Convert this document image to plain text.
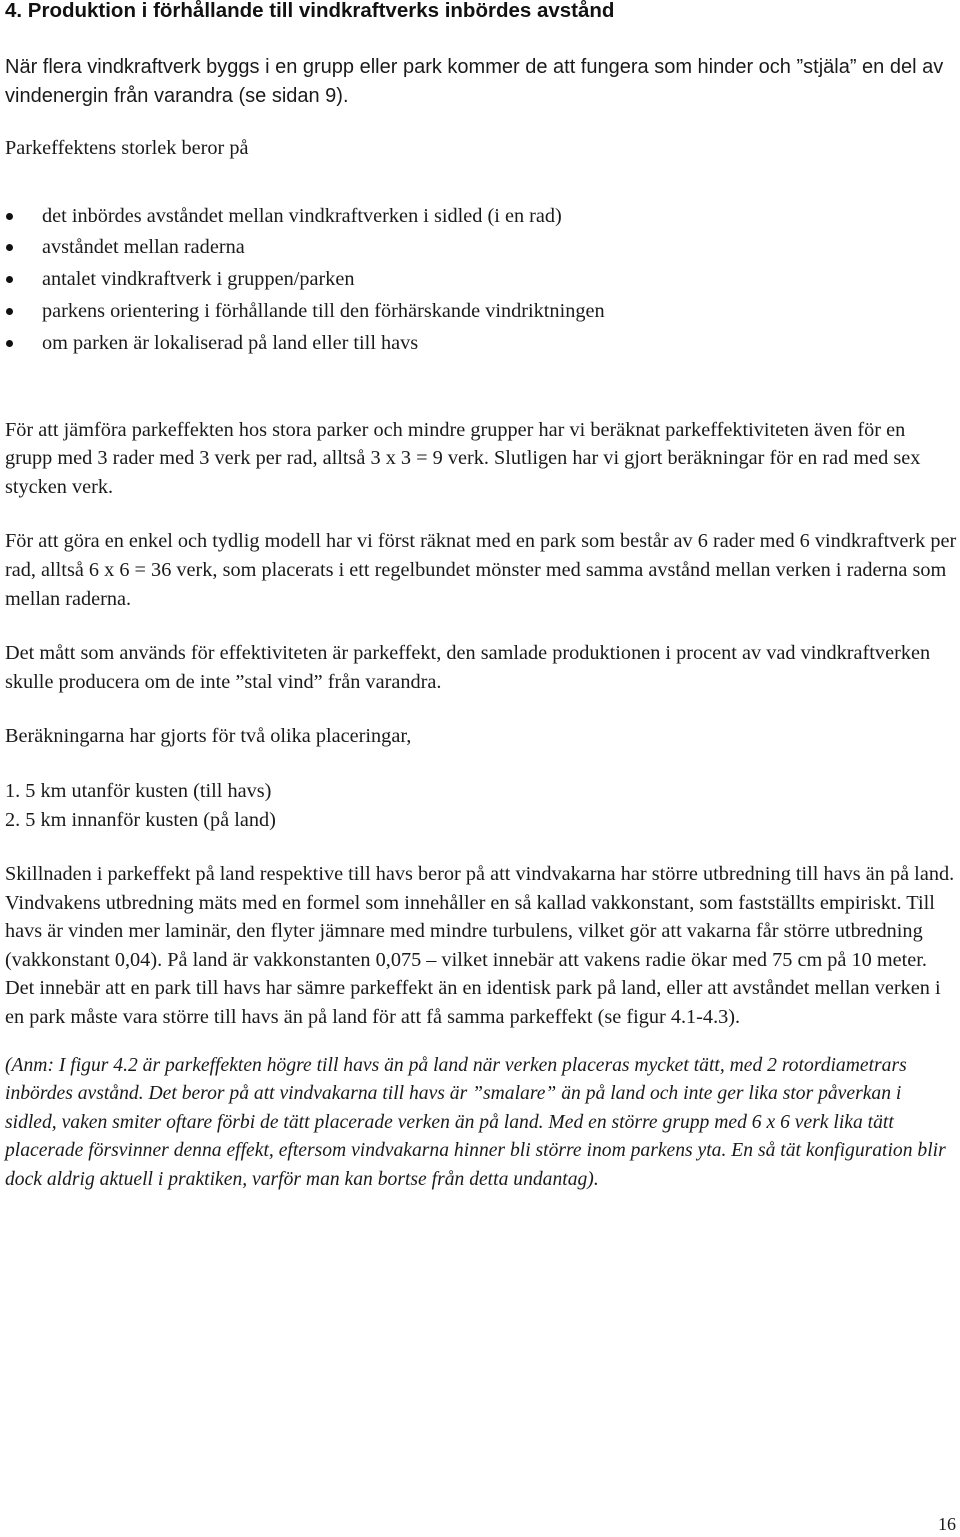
4. Produktion i förhållande till vindkraftverks inbördes avstånd

När flera vindkraftverk byggs i en grupp eller park kommer de att fungera som hinder och ”stjäla” en del av vindenergin från varandra (se sidan 9).

Parkeffektens storlek beror på

det inbördes avståndet mellan vindkraftverken i sidled (i en rad)
avståndet mellan raderna
antalet vindkraftverk i gruppen/parken
parkens orientering i förhållande till den förhärskande vindriktningen
om parken är lokaliserad på land eller till havs

För att jämföra parkeffekten hos stora parker och mindre grupper har vi beräknat parkeffektiviteten även för en grupp med 3 rader med 3 verk per rad, alltså 3 x 3 = 9 verk. Slutligen har vi gjort beräkningar för en rad med sex stycken verk.

För att göra en enkel och tydlig modell har vi först räknat med en park som består av 6 rader med 6 vindkraftverk per rad, alltså 6 x 6 = 36 verk, som placerats i ett regelbundet mönster med samma avstånd mellan verken i raderna som mellan raderna.

Det mått som används för effektiviteten är parkeffekt, den samlade produktionen i procent av vad vindkraftverken skulle producera om de inte ”stal vind” från varandra.

Beräkningarna har gjorts för två olika placeringar,

1. 5 km utanför kusten (till havs)

2. 5 km innanför kusten (på land)

Skillnaden i parkeffekt på land respektive till havs beror på att vindvakarna har större utbredning till havs än på land. Vindvakens utbredning mäts med en formel som innehåller en så kallad vakkonstant, som fastställts empiriskt. Till havs är vinden mer laminär, den flyter jämnare med mindre turbulens, vilket gör att vakarna får större utbredning (vakkonstant 0,04). På land är vakkonstanten 0,075 – vilket innebär att vakens radie ökar med 75 cm på 10 meter. Det innebär att en park till havs har sämre parkeffekt än en identisk park på land, eller att avståndet mellan verken i en park måste vara större till havs än på land för att få samma parkeffekt (se figur 4.1-4.3).

(Anm: I figur 4.2 är parkeffekten högre till havs än på land när verken placeras mycket tätt, med 2 rotordiametrars inbördes avstånd. Det beror på att vindvakarna till havs är ”smalare” än på land och inte ger lika stor påverkan i sidled, vaken smiter oftare förbi de tätt placerade verken än på land. Med en större grupp med 6 x 6 verk lika tätt placerade försvinner denna effekt, eftersom vindvakarna hinner bli större inom parkens yta. En så tät konfiguration blir dock aldrig aktuell i praktiken, varför man kan bortse från detta undantag).

16
